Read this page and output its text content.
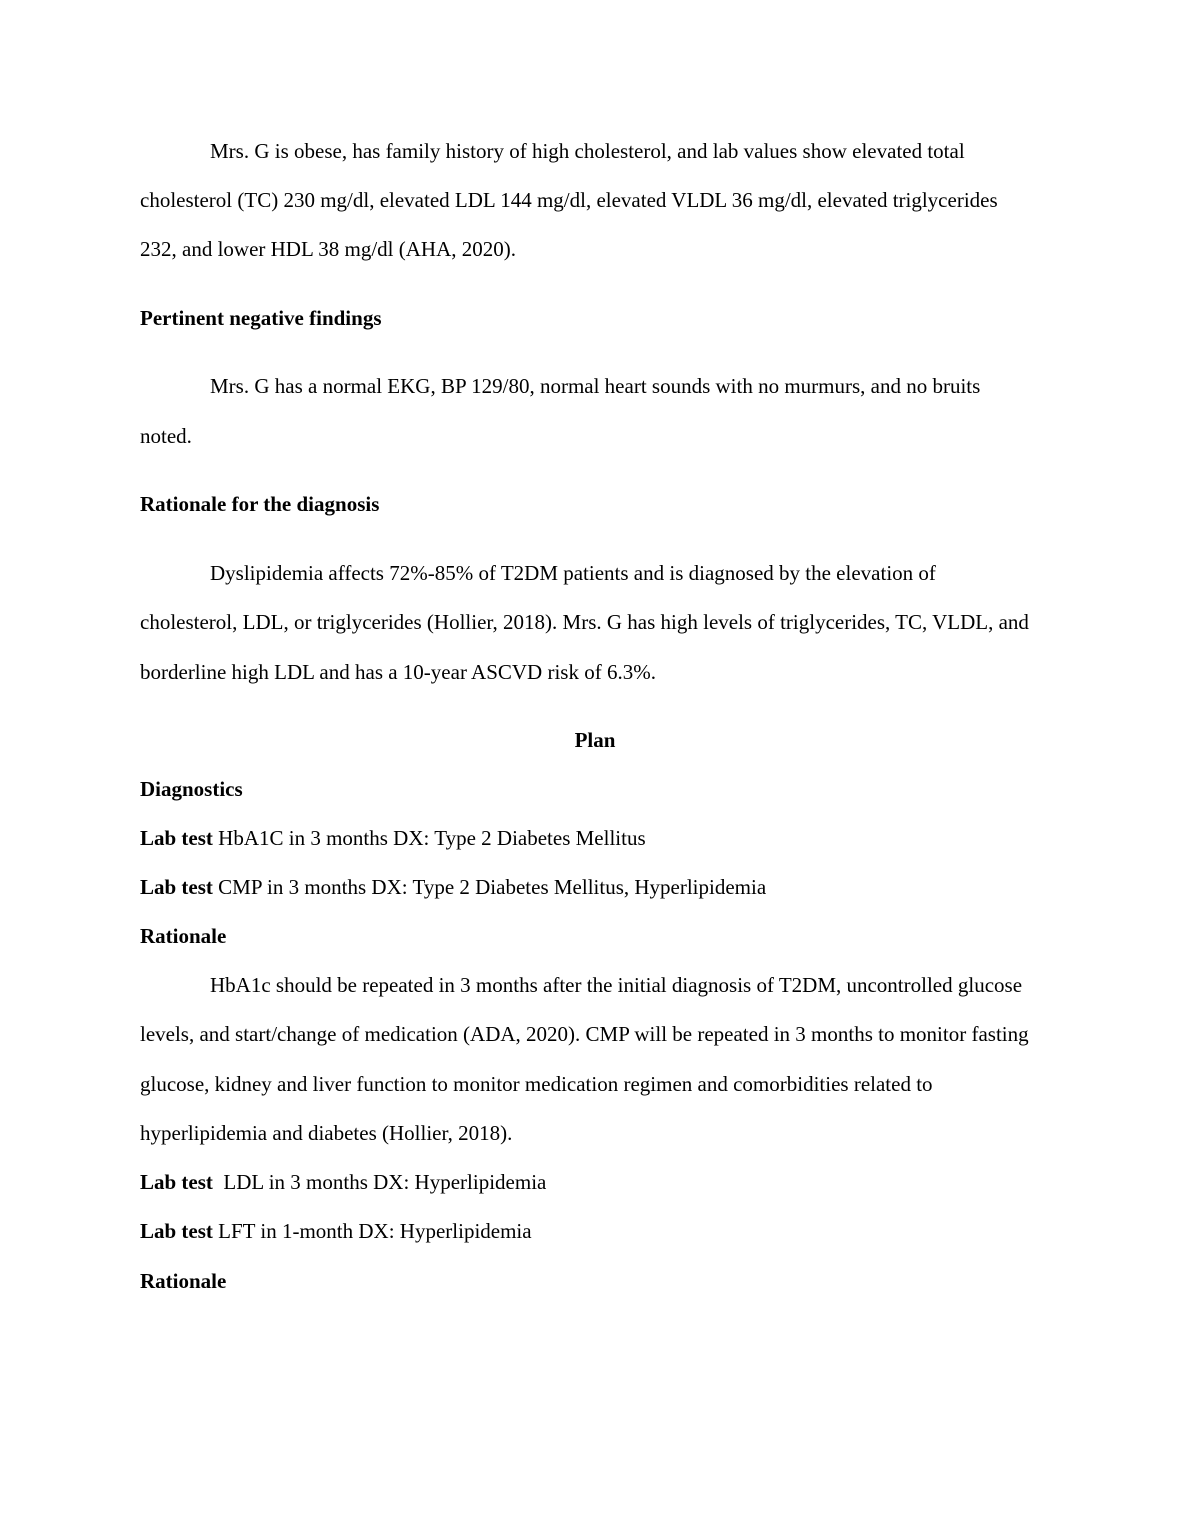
Mrs. G is obese, has family history of high cholesterol, and lab values show elevated total
cholesterol (TC) 230 mg/dl, elevated LDL 144 mg/dl, elevated VLDL 36 mg/dl, elevated triglycerides
232, and lower HDL 38 mg/dl (AHA, 2020).
Pertinent negative findings
Mrs. G has a normal EKG, BP 129/80, normal heart sounds with no murmurs, and no bruits
noted.
Rationale for the diagnosis
Dyslipidemia affects 72%-85% of T2DM patients and is diagnosed by the elevation of
cholesterol, LDL, or triglycerides (Hollier, 2018). Mrs. G has high levels of triglycerides, TC, VLDL, and
borderline high LDL and has a 10-year ASCVD risk of 6.3%.
Plan
Diagnostics
Lab test HbA1C in 3 months DX: Type 2 Diabetes Mellitus
Lab test CMP in 3 months DX: Type 2 Diabetes Mellitus, Hyperlipidemia
Rationale
HbA1c should be repeated in 3 months after the initial diagnosis of T2DM, uncontrolled glucose
levels, and start/change of medication (ADA, 2020). CMP will be repeated in 3 months to monitor fasting
glucose, kidney and liver function to monitor medication regimen and comorbidities related to
hyperlipidemia and diabetes (Hollier, 2018).
Lab test  LDL in 3 months DX: Hyperlipidemia
Lab test LFT in 1-month DX: Hyperlipidemia
Rationale
